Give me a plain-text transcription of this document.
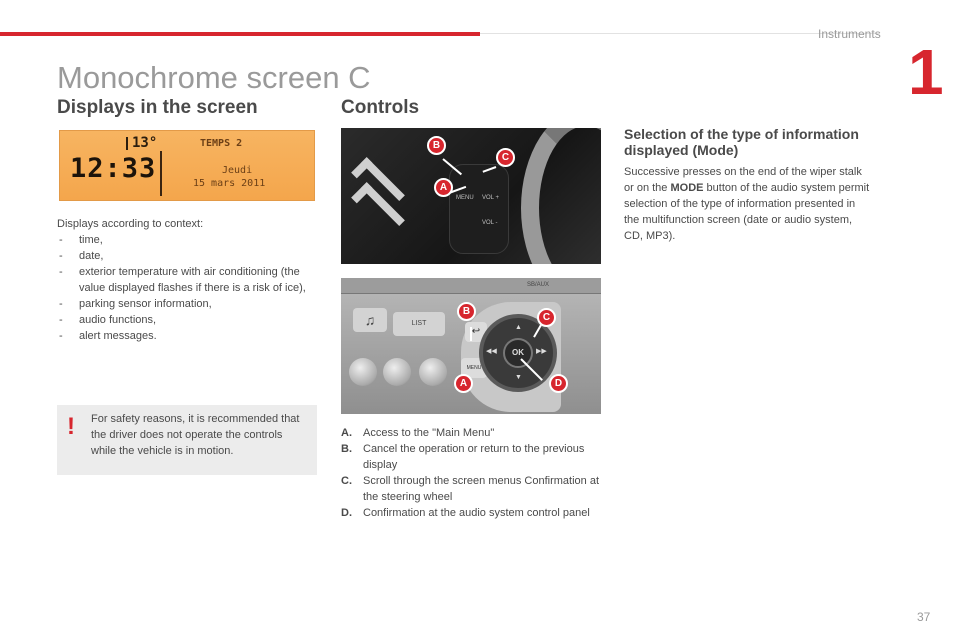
Instruments
1
Monochrome screen C
Displays in the screen
13°	TEMPS 2
12:33	Jeudi
15 mars 2011

Displays according to context:

- time,
- date,
- exterior temperature with air conditioning (the value displayed flashes if there is a risk of ice),
- parking sensor information,
- audio functions,
- alert messages.
! For safety reasons, it is recommended that the driver does not operate the controls while the vehicle is in motion.

Controls
MENU VOL +
VOL -
B
C
A
SB/AUX
♫	LIST
↩
MENU
◀◀	▶▶
▲
▼
OK
B
C
A	D
A. Access to the "Main Menu"
B. Cancel the operation or return to the previous display
C. Scroll through the screen menus Confirmation at the steering wheel
D. Confirmation at the audio system control panel
Selection of the type of information displayed (Mode)

Successive presses on the end of the wiper stalk or on the MODE button of the audio system permit selection of the type of information presented in the multifunction screen (date or audio system, CD, MP3).

37
